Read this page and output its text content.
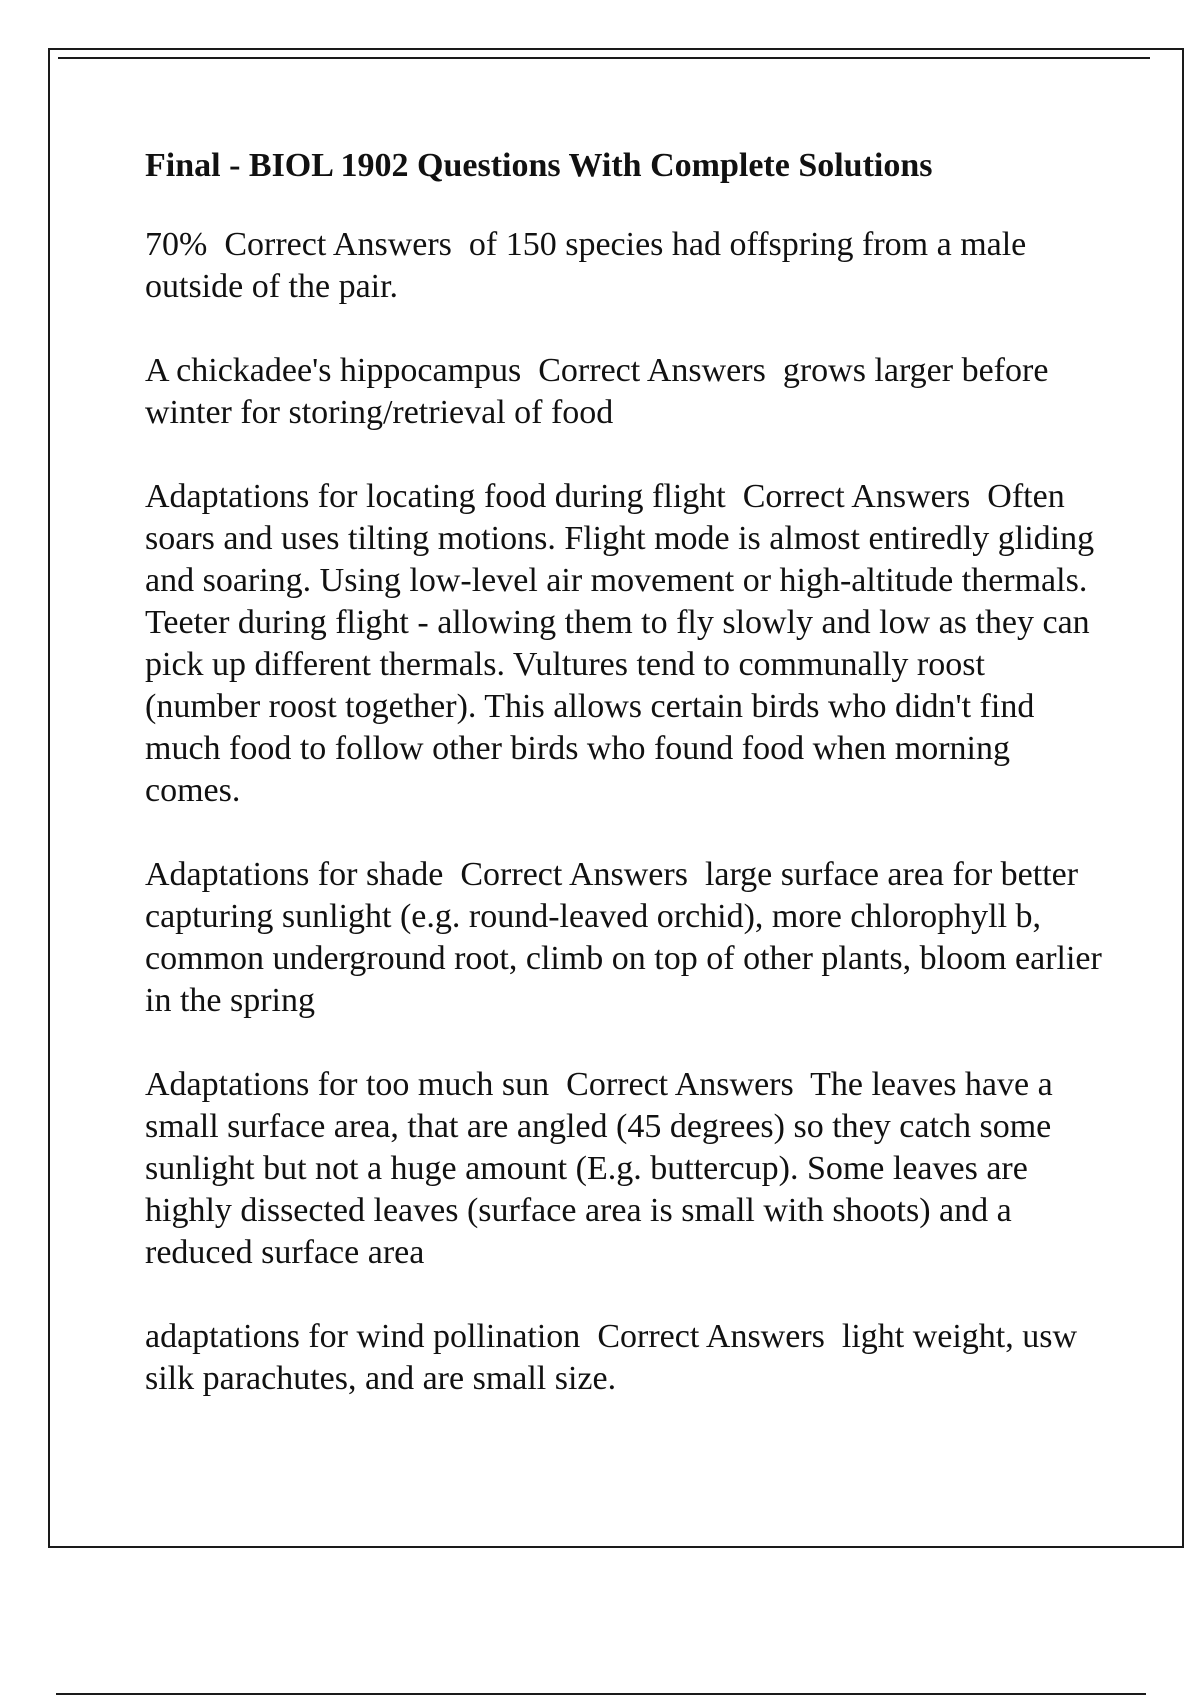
Final - BIOL 1902 Questions With Complete Solutions

70% Correct Answers of 150 species had offspring from a male outside of the pair.

A chickadee's hippocampus Correct Answers grows larger before winter for storing/retrieval of food

Adaptations for locating food during flight Correct Answers Often soars and uses tilting motions. Flight mode is almost entiredly gliding and soaring. Using low-level air movement or high-altitude thermals. Teeter during flight - allowing them to fly slowly and low as they can pick up different thermals. Vultures tend to communally roost (number roost together). This allows certain birds who didn't find much food to follow other birds who found food when morning comes.

Adaptations for shade Correct Answers large surface area for better capturing sunlight (e.g. round-leaved orchid), more chlorophyll b, common underground root, climb on top of other plants, bloom earlier in the spring

Adaptations for too much sun Correct Answers The leaves have a small surface area, that are angled (45 degrees) so they catch some sunlight but not a huge amount (E.g. buttercup). Some leaves are highly dissected leaves (surface area is small with shoots) and a reduced surface area

adaptations for wind pollination Correct Answers light weight, usw silk parachutes, and are small size.
